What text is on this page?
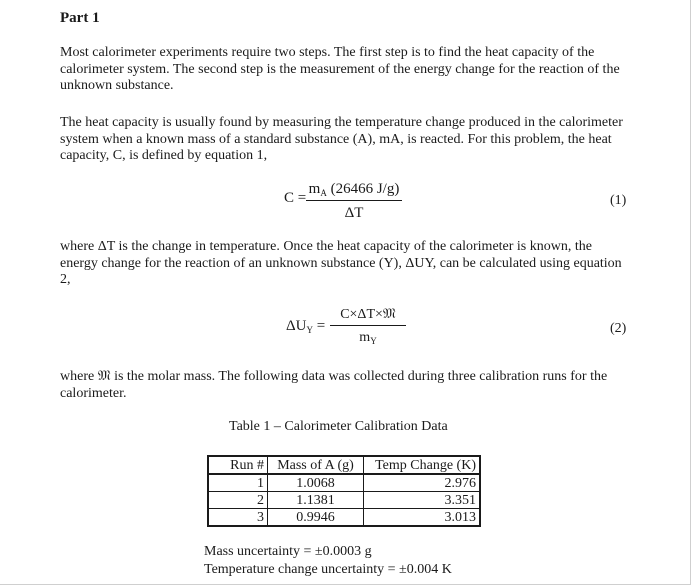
Part 1
Most calorimeter experiments require two steps. The first step is to find the heat capacity of the calorimeter system. The second step is the measurement of the energy change for the reaction of the unknown substance.
The heat capacity is usually found by measuring the temperature change produced in the calorimeter system when a known mass of a standard substance (A), mA, is reacted. For this problem, the heat capacity, C, is defined by equation 1,
$C = \frac{m_A (26466 J/g)}{\Delta T}$	(1)
where ΔT is the change in temperature. Once the heat capacity of the calorimeter is known, the energy change for the reaction of an unknown substance (Y), ΔUY, can be calculated using equation 2,
$\Delta U_Y$ =
C×ΔT×𝔐
$m_Y$
(2)
where 𝔐 is the molar mass. The following data was collected during three calibration runs for the calorimeter.
Table 1 – Calorimeter Calibration Data
Run #	Mass of A (g)	Temp Change (K)
1	1.0068	2.976
2	1.1381	3.351
3	0.9946	3.013
Mass uncertainty = ±0.0003 g
Temperature change uncertainty = ±0.004 K
